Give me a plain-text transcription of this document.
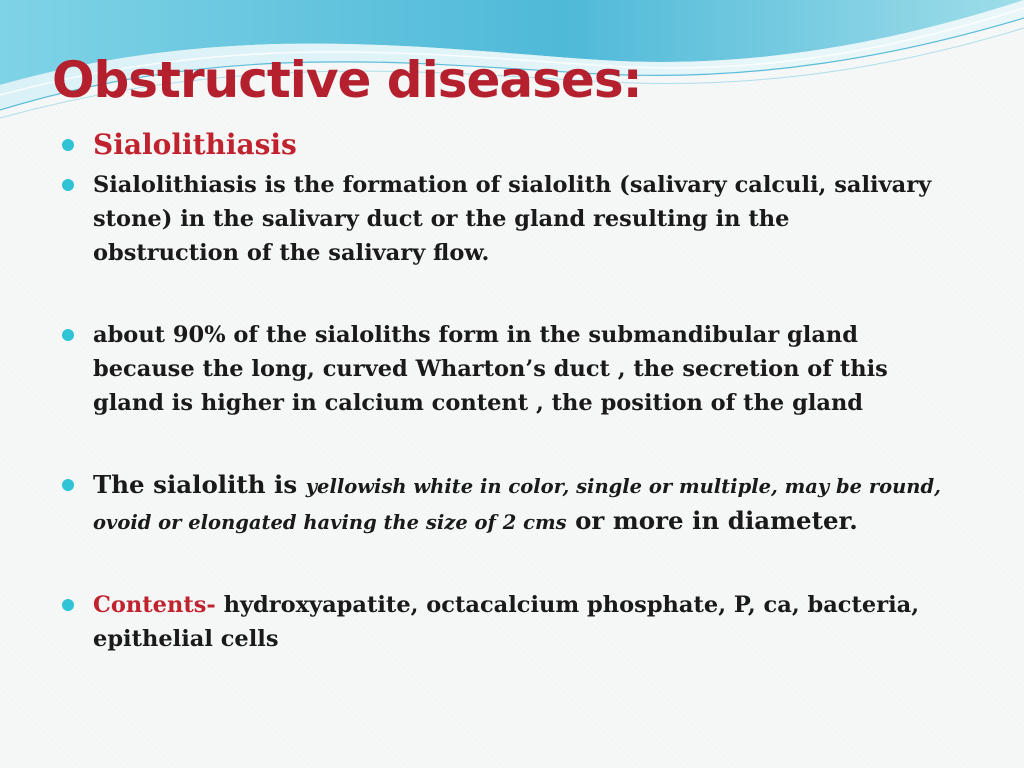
Obstructive diseases:
Sialolithiasis
Sialolithiasis is the formation of sialolith (salivary calculi, salivary stone) in the salivary duct or the gland resulting in the obstruction of the salivary flow.
about 90% of the sialoliths form in the submandibular gland because the long, curved Wharton’s duct , the secretion of this gland is higher in calcium content , the position of the gland
The sialolith is yellowish white in color, single or multiple, may be round, ovoid or elongated having the size of 2 cms or more in diameter.
Contents- hydroxyapatite, octacalcium phosphate, P, ca, bacteria, epithelial cells
